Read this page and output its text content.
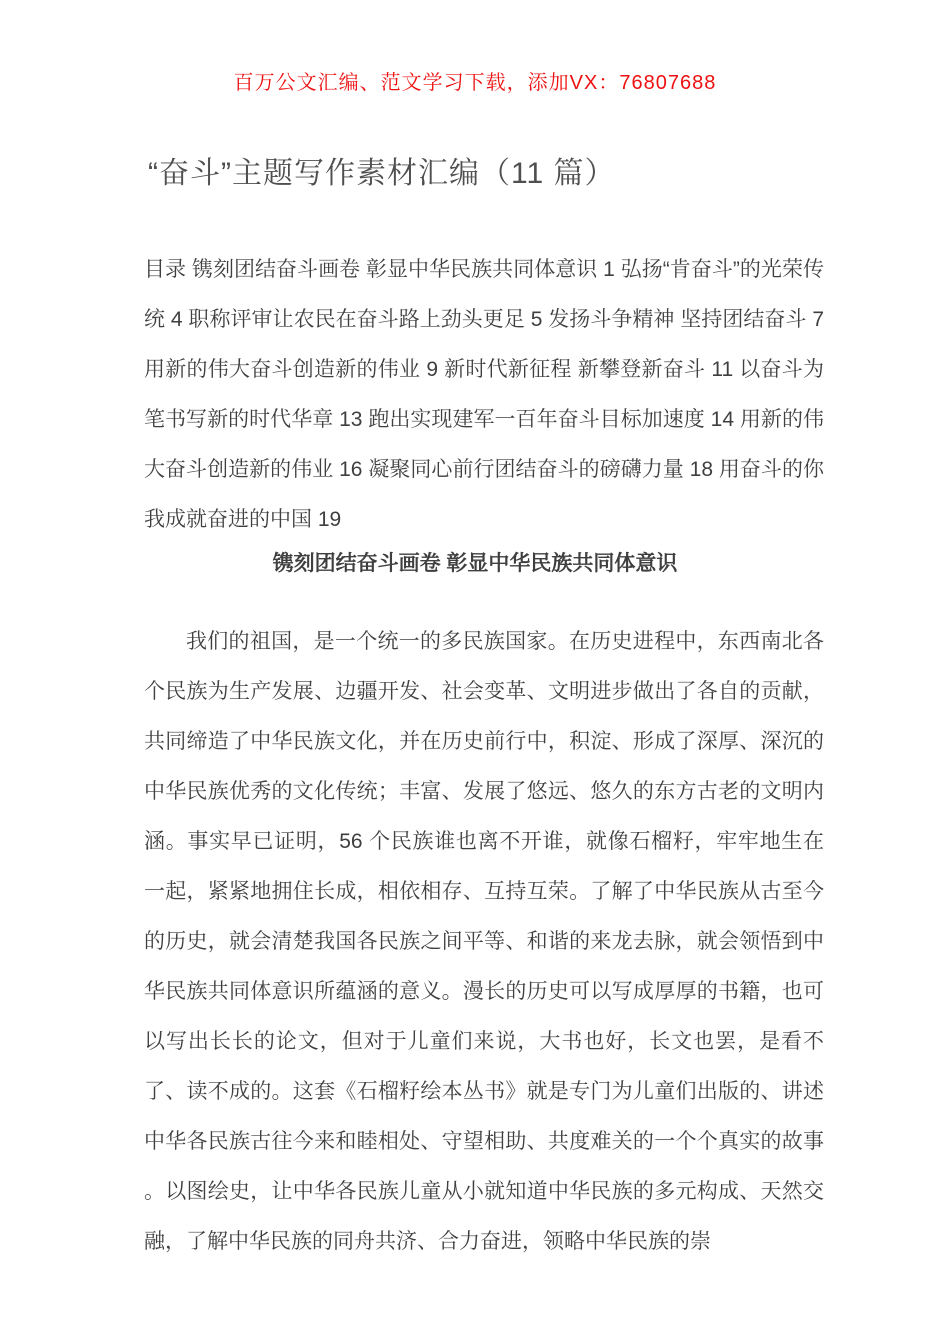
百万公文汇编、范文学习下载，添加VX：76807688
“奋斗”主题写作素材汇编（11 篇）

目录 镌刻团结奋斗画卷 彰显中华民族共同体意识 1 弘扬“肯奋斗”的光荣传统 4 职称评审让农民在奋斗路上劲头更足 5 发扬斗争精神 坚持团结奋斗 7 用新的伟大奋斗创造新的伟业 9 新时代新征程 新攀登新奋斗 11 以奋斗为笔书写新的时代华章 13 跑出实现建军一百年奋斗目标加速度 14 用新的伟大奋斗创造新的伟业 16 凝聚同心前行团结奋斗的磅礴力量 18 用奋斗的你我成就奋进的中国 19

镌刻团结奋斗画卷 彰显中华民族共同体意识

我们的祖国，是一个统一的多民族国家。在历史进程中，东西南北各个民族为生产发展、边疆开发、社会变革、文明进步做出了各自的贡献，共同缔造了中华民族文化，并在历史前行中，积淀、形成了深厚、深沉的中华民族优秀的文化传统；丰富、发展了悠远、悠久的东方古老的文明内涵。事实早已证明，56 个民族谁也离不开谁，就像石榴籽，牢牢地生在一起，紧紧地拥住长成，相依相存、互持互荣。了解了中华民族从古至今的历史，就会清楚我国各民族之间平等、和谐的来龙去脉，就会领悟到中华民族共同体意识所蕴涵的意义。漫长的历史可以写成厚厚的书籍，也可以写出长长的论文，但对于儿童们来说，大书也好，长文也罢，是看不了、读不成的。这套《石榴籽绘本丛书》就是专门为儿童们出版的、讲述中华各民族古往今来和睦相处、守望相助、共度难关的一个个真实的故事 。以图绘史，让中华各民族儿童从小就知道中华民族的多元构成、天然交融，了解中华民族的同舟共济、合力奋进，领略中华民族的崇
